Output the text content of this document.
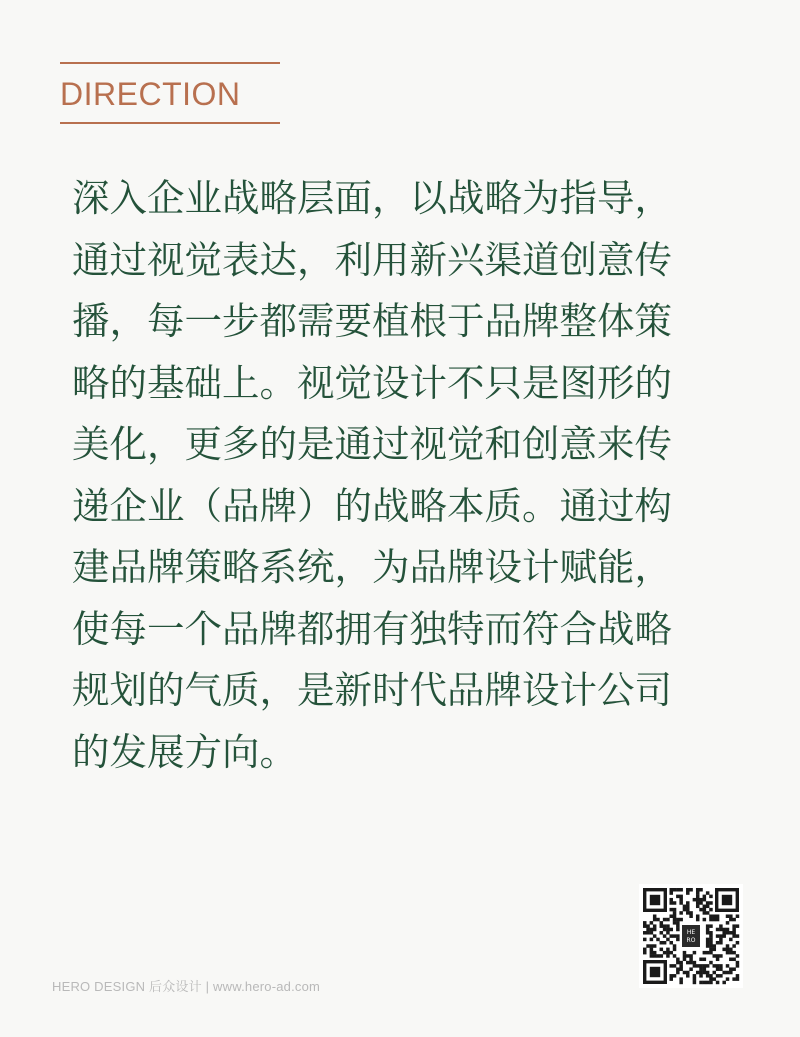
DIRECTION
深入企业战略层面，以战略为指导，
通过视觉表达，利用新兴渠道创意传
播，每一步都需要植根于品牌整体策
略的基础上。视觉设计不只是图形的
美化，更多的是通过视觉和创意来传
递企业（品牌）的战略本质。通过构
建品牌策略系统，为品牌设计赋能，
使每一个品牌都拥有独特而符合战略
规划的气质，是新时代品牌设计公司
的发展方向。
HERO DESIGN 后众设计 | www.hero-ad.com
HE
RO
